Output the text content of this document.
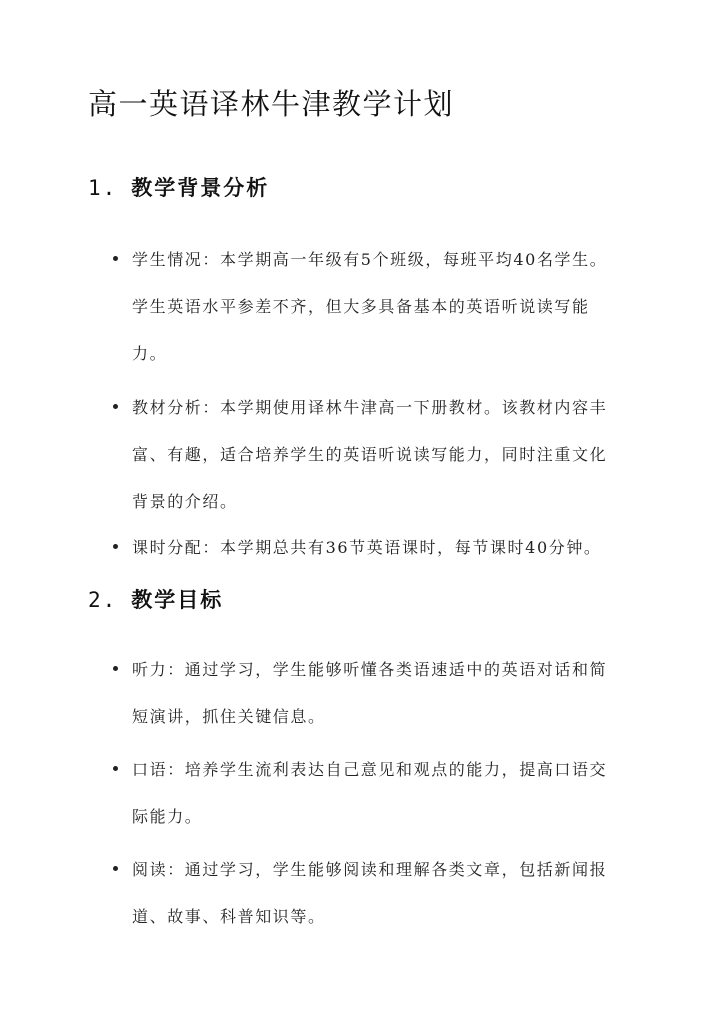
高一英语译林牛津教学计划
1. 教学背景分析

学生情况：本学期高一年级有5个班级，每班平均40名学生。学生英语水平参差不齐，但大多具备基本的英语听说读写能力。

教材分析：本学期使用译林牛津高一下册教材。该教材内容丰富、有趣，适合培养学生的英语听说读写能力，同时注重文化背景的介绍。

课时分配：本学期总共有36节英语课时，每节课时40分钟。

2. 教学目标

听力：通过学习，学生能够听懂各类语速适中的英语对话和简短演讲，抓住关键信息。

口语：培养学生流利表达自己意见和观点的能力，提高口语交际能力。

阅读：通过学习，学生能够阅读和理解各类文章，包括新闻报道、故事、科普知识等。
